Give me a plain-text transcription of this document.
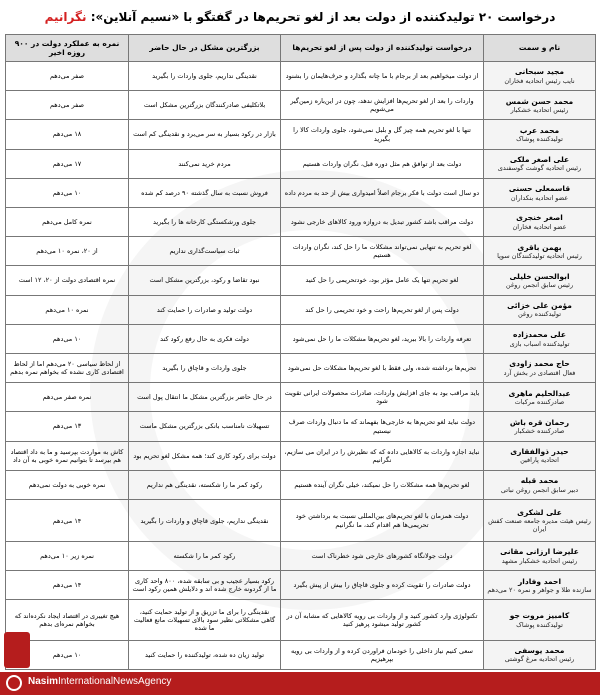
درخواست ۲۰ تولیدکننده از دولت بعد از لغو تحریم‌ها در گفتگو با «نسیم آنلاین»: نگرانیم
نام و سمت	درخواست تولیدکننده از دولت پس از لغو تحریم‌ها	بزرگترین مشکل در حال حاضر	نمره به عملکرد دولت در ۹۰۰ روزه اخیر

مجید سبحانی
نایب رئیس اتحادیه فخاران	از دولت میخواهیم بعد از برجام با ما چانه بگذارد و حرف‌هایمان را بشنود	نقدینگی نداریم، جلوی واردات را بگیرید	صفر می‌دهم

محمد حسن شمس
رئیس اتحادیه خشکبار	واردات را بعد از لغو تحریم‌ها افزایش ندهد، چون در این‌باره زمین‌گیر می‌شویم	بلاتکلیفی صادرکنندگان بزرگترین مشکل است	صفر می‌دهم

محمد عرب
تولیدکننده پوشاک	تنها با لغو تحریم همه چیز گل و بلبل نمی‌شود، جلوی واردات کالا را بگیرید	بازار در رکود بسیار به سر می‌برد و نقدینگی کم است	۱۸ می‌دهم

علی اصغر ملکی
رئیس اتحادیه گوشت گوسفندی	دولت بعد از توافق هم مثل دوره قبل، نگران واردات هستیم	مردم خرید نمی‌کنند	۱۷ می‌دهم

قاسمعلی حسنی
عضو اتحادیه بنکداران	دو سال است دولت با فکر برجام اصلاً امیدواری بیش از حد به مردم داده	فروش نسبت به سال گذشته ۹۰ درصد کم شده	۱۰ می‌دهم

اصغر خنجری
عضو اتحادیه فخاران	دولت مراقب باشد کشور تبدیل به دروازه ورود کالاهای خارجی نشود	جلوی ورشکستگی کارخانه ها را بگیرید	نمره کامل می‌دهم

بهمن باقری
رئیس اتحادیه تولیدکنندگان سوپا	لغو تحریم به تنهایی نمی‌تواند مشکلات ما را حل کند، نگران واردات هستیم	ثبات سیاست‌گذاری نداریم	از ۲۰، نمره ۱۰ می‌دهم

ابوالحسن خلیلی
رئیس سابق انجمن روغن	لغو تحریم تنها یک عامل مؤثر بود، خودتحریمی را حل کنید	نبود تقاضا و رکود، بزرگترین مشکل است	نمره اقتصادی دولت از ۲۰، ۱۲ است

مؤمن علی خزائی
تولیدکننده روغن	دولت پس از لغو تحریم‌ها راحت و خود تحریمی را حل کند	دولت تولید و صادرات را حمایت کند	نمره ۱۰ می‌دهم

علی محمدزاده
تولیدکننده اسباب بازی	تعرفه واردات را بالا ببرید، لغو تحریم‌ها مشکلات ما را حل نمی‌شود	دولت فکری به حال رفع رکود کند	۱۰ می‌دهم

حاج محمد زاودی
فعال اقتصادی در بخش آرد	تحریم‌ها برداشته شده، ولی فقط با لغو تحریم‌ها مشکلات حل نمی‌شود	جلوی واردات و قاچاق را بگیرید	از لحاظ سیاسی ۲۰ می‌دهم اما از لحاظ اقتصادی کاری نشده که بخواهم نمره بدهم

عبدالحلیم ماهری
صادرکننده مرکبات	باید مراقب بود به جای افزایش واردات، صادرات محصولات ایرانی تقویت شود	در حال حاضر بزرگترین مشکل ما انتقال پول است	نمره صفر می‌دهم

رحمان قره باش
صادرکننده خشکبار	دولت نباید لغو تحریم‌ها به خارجی‌ها بفهماند که ما دنبال واردات صرف نیستیم	تسهیلات نامناسب بانکی بزرگترین مشکل ماست	۱۳ می‌دهم

حیدر ذوالفقاری
اتحادیه پارافین	نباید اجازه واردات به کالاهایی داده که که نظیرش را در ایران می سازیم، نگرانیم	دولت برای رکود کاری کند؛ همه مشکل لغو تحریم بود	کاش به مواردت بپرسید و ما به داد اقتصاد هم بیرسد تا بتوانیم نمره خوبی به آن داد

محمد قبله
دبیر سابق انجمن روغن نباتی	لغو تحریم‌ها همه مشکلات را حل نمیکند، خیلی نگران آینده هستیم	رکود کمر ما را شکسته، نقدینگی هم نداریم	نمره خوبی به دولت نمی‌دهم

علی لشکری
رئیس هیئت مدیره جامعه صنعت کفش ایران	دولت همزمان با لغو تحریم‌های بین‌المللی نسبت به برداشتن خود تحریمی‌ها هم اقدام کند، ما نگرانیم	نقدینگی نداریم، جلوی قاچاق و واردات را بگیرید	۱۴ می‌دهم

علیرضا ارزانی مقانی
رئیس اتحادیه خشکبار مشهد	دولت جولانگاه کشورهای خارجی شود خطرناک است	رکود کمر ما را شکسته	نمره زیر ۱۰ می‌دهم

احمد وفادار
سازنده طلا و جواهر و نمره ۲۰ می‌دهم	دولت صادرات را تقویت کرده و جلوی قاچاق را بیش از پیش بگیرد	رکود بسیار عجیب و بی سابقه شده، ۸۰۰ واحد کاری ما از گردونه خارج شده اند و دلایلش همین رکود است	۱۴ می‌دهم

کامبیز مروت جو
تولیدکننده پوشاک	تکنولوژی وارد کشور کنید و از واردات بی رویه کالاهایی که مشابه آن در کشور تولید میشود پرهیز کنید	نقدینگی را برای ما تزریق و از تولید حمایت کنید، گاهی مشکلاتی نظیر سود بالای تسهیلات مانع فعالیت ما شده	هیچ تغییری در اقتصاد ایجاد نکرده‌اند که بخواهم نمره‌ای بدهم

محمد یوسفی
رئیس اتحادیه مرغ گوشتی	سعی کنیم نیاز داخلی را خودمان فراوردن کرده و از واردات بی رویه بپرهیزیم	تولید زیان ده شده، تولیدکننده را حمایت کنید	۱۰ می‌دهم
NasimInternationalNewsAgency
